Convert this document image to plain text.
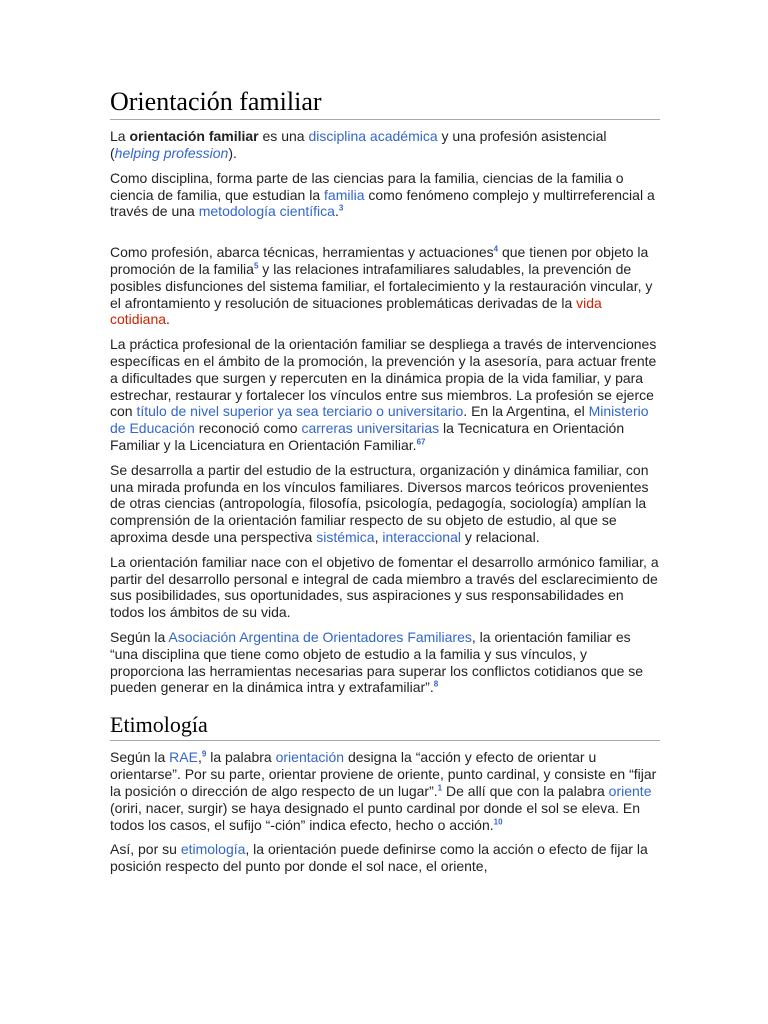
Orientación familiar

La orientación familiar es una disciplina académica y una profesión asistencial (helping profession).

Como disciplina, forma parte de las ciencias para la familia, ciencias de la familia o ciencia de familia, que estudian la familia como fenómeno complejo y multirreferencial a través de una metodología científica.$^3$

Como profesión, abarca técnicas, herramientas y actuaciones$^4$ que tienen por objeto la promoción de la familia$^5$ y las relaciones intrafamiliares saludables, la prevención de posibles disfunciones del sistema familiar, el fortalecimiento y la restauración vincular, y el afrontamiento y resolución de situaciones problemáticas derivadas de la vida cotidiana.

La práctica profesional de la orientación familiar se despliega a través de intervenciones específicas en el ámbito de la promoción, la prevención y la asesoría, para actuar frente a dificultades que surgen y repercuten en la dinámica propia de la vida familiar, y para estrechar, restaurar y fortalecer los vínculos entre sus miembros. La profesión se ejerce con título de nivel superior ya sea terciario o universitario. En la Argentina, el Ministerio de Educación reconoció como carreras universitarias la Tecnicatura en Orientación Familiar y la Licenciatura en Orientación Familiar.$^{67}$

Se desarrolla a partir del estudio de la estructura, organización y dinámica familiar, con una mirada profunda en los vínculos familiares. Diversos marcos teóricos provenientes de otras ciencias (antropología, filosofía, psicología, pedagogía, sociología) amplían la comprensión de la orientación familiar respecto de su objeto de estudio, al que se aproxima desde una perspectiva sistémica, interaccional y relacional.

La orientación familiar nace con el objetivo de fomentar el desarrollo armónico familiar, a partir del desarrollo personal e integral de cada miembro a través del esclarecimiento de sus posibilidades, sus oportunidades, sus aspiraciones y sus responsabilidades en todos los ámbitos de su vida.

Según la Asociación Argentina de Orientadores Familiares, la orientación familiar es “una disciplina que tiene como objeto de estudio a la familia y sus vínculos, y proporciona las herramientas necesarias para superar los conflictos cotidianos que se pueden generar en la dinámica intra y extrafamiliar”.$^8$

Etimología

Según la RAE,$^9$ la palabra orientación designa la “acción y efecto de orientar u orientarse”. Por su parte, orientar proviene de oriente, punto cardinal, y consiste en “fijar la posición o dirección de algo respecto de un lugar”.$^1$ De allí que con la palabra oriente (oriri, nacer, surgir) se haya designado el punto cardinal por donde el sol se eleva. En todos los casos, el sufijo “-ción” indica efecto, hecho o acción.$^{10}$

Así, por su etimología, la orientación puede definirse como la acción o efecto de fijar la posición respecto del punto por donde el sol nace, el oriente,
